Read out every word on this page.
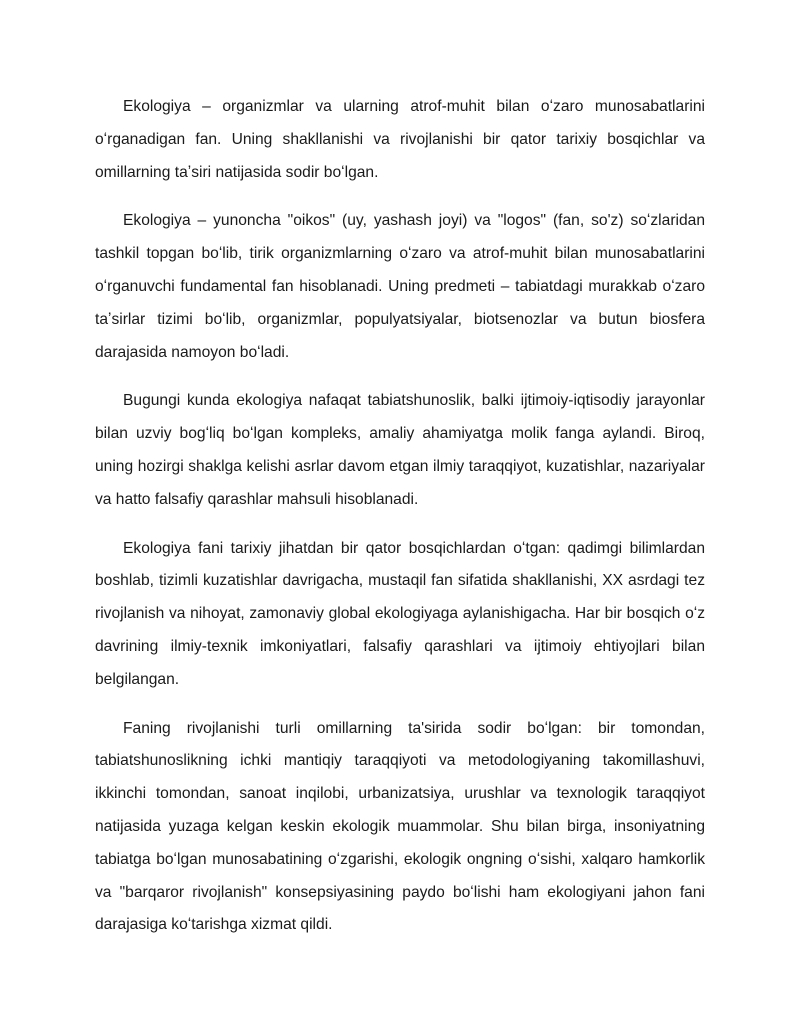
Ekologiya – organizmlar va ularning atrof-muhit bilan oʻzaro munosabatlarini oʻrganadigan fan. Uning shakllanishi va rivojlanishi bir qator tarixiy bosqichlar va omillarning taʼsiri natijasida sodir boʻlgan.

Ekologiya – yunoncha "oikos" (uy, yashash joyi) va "logos" (fan, so'z) soʻzlaridan tashkil topgan boʻlib, tirik organizmlarning oʻzaro va atrof-muhit bilan munosabatlarini oʻrganuvchi fundamental fan hisoblanadi. Uning predmeti – tabiatdagi murakkab oʻzaro taʼsirlar tizimi boʻlib, organizmlar, populyatsiyalar, biotsenozlar va butun biosfera darajasida namoyon boʻladi.

Bugungi kunda ekologiya nafaqat tabiatshunoslik, balki ijtimoiy-iqtisodiy jarayonlar bilan uzviy bogʻliq boʻlgan kompleks, amaliy ahamiyatga molik fanga aylandi. Biroq, uning hozirgi shaklga kelishi asrlar davom etgan ilmiy taraqqiyot, kuzatishlar, nazariyalar va hatto falsafiy qarashlar mahsuli hisoblanadi.

Ekologiya fani tarixiy jihatdan bir qator bosqichlardan oʻtgan: qadimgi bilimlardan boshlab, tizimli kuzatishlar davrigacha, mustaqil fan sifatida shakllanishi, XX asrdagi tez rivojlanish va nihoyat, zamonaviy global ekologiyaga aylanishigacha. Har bir bosqich oʻz davrining ilmiy-texnik imkoniyatlari, falsafiy qarashlari va ijtimoiy ehtiyojlari bilan belgilangan.

Faning rivojlanishi turli omillarning ta'sirida sodir boʻlgan: bir tomondan, tabiatshunoslikning ichki mantiqiy taraqqiyoti va metodologiyaning takomillashuvi, ikkinchi tomondan, sanoat inqilobi, urbanizatsiya, urushlar va texnologik taraqqiyot natijasida yuzaga kelgan keskin ekologik muammolar. Shu bilan birga, insoniyatning tabiatga boʻlgan munosabatining oʻzgarishi, ekologik ongning oʻsishi, xalqaro hamkorlik va "barqaror rivojlanish" konsepsiyasining paydo boʻlishi ham ekologiyani jahon fani darajasiga koʻtarishga xizmat qildi.
